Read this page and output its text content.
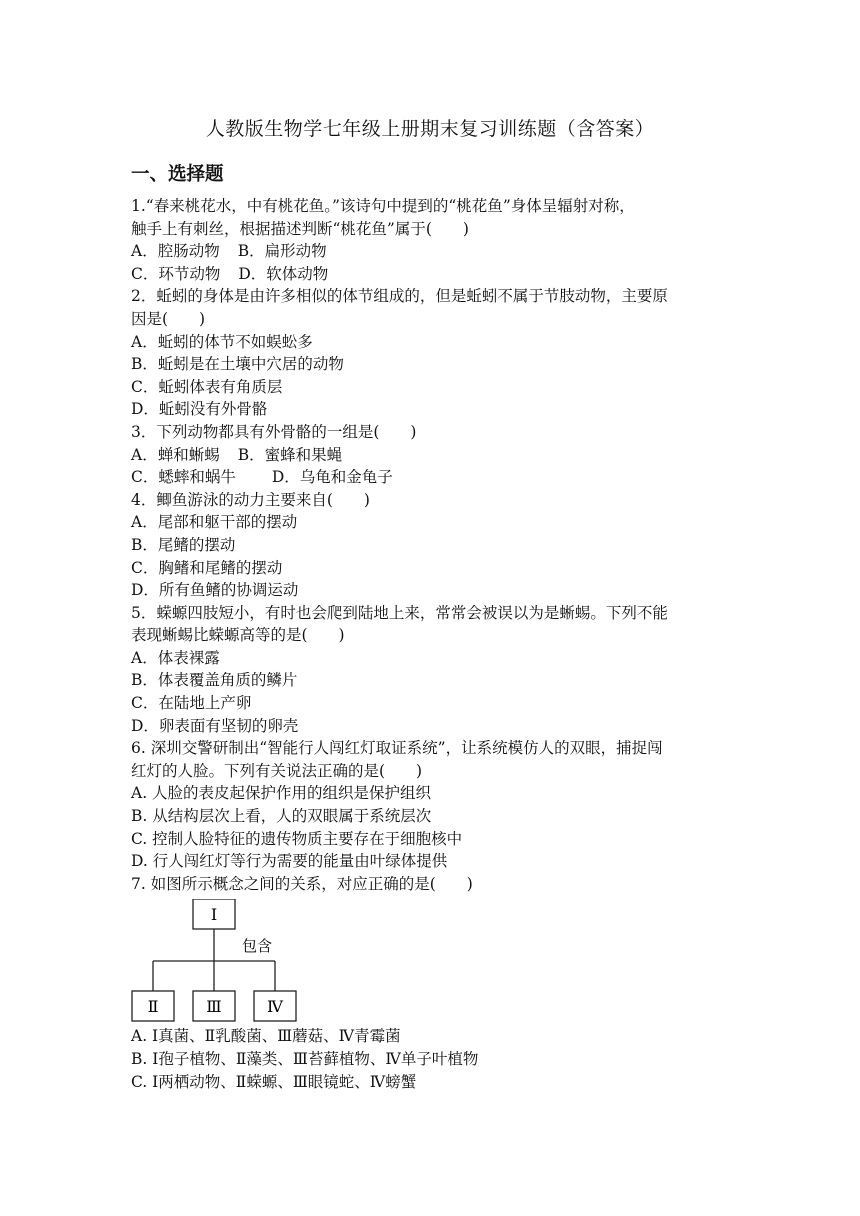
人教版生物学七年级上册期末复习训练题（含答案）
一、选择题
1.“春来桃花水，中有桃花鱼。”该诗句中提到的“桃花鱼”身体呈辐射对称，
触手上有刺丝，根据描述判断“桃花鱼”属于(　　)
A．腔肠动物 B．扁形动物
C．环节动物 D．软体动物
2．蚯蚓的身体是由许多相似的体节组成的，但是蚯蚓不属于节肢动物，主要原
因是(　　)
A．蚯蚓的体节不如蜈蚣多
B．蚯蚓是在土壤中穴居的动物
C．蚯蚓体表有角质层
D．蚯蚓没有外骨骼
3．下列动物都具有外骨骼的一组是(　　)
A．蝉和蜥蜴 B．蜜蜂和果蝇
C．蟋蟀和蜗牛 D．乌龟和金龟子
4．鲫鱼游泳的动力主要来自(　　)
A．尾部和躯干部的摆动
B．尾鳍的摆动
C．胸鳍和尾鳍的摆动
D．所有鱼鳍的协调运动
5．蝾螈四肢短小，有时也会爬到陆地上来，常常会被误以为是蜥蜴。下列不能
表现蜥蜴比蝾螈高等的是(　　)
A．体表裸露
B．体表覆盖角质的鳞片
C．在陆地上产卵
D．卵表面有坚韧的卵壳
6. 深圳交警研制出“智能行人闯红灯取证系统”，让系统模仿人的双眼，捕捉闯
红灯的人脸。下列有关说法正确的是(　　)
A. 人脸的表皮起保护作用的组织是保护组织
B. 从结构层次上看，人的双眼属于系统层次
C. 控制人脸特征的遗传物质主要存在于细胞核中
D. 行人闯红灯等行为需要的能量由叶绿体提供
7. 如图所示概念之间的关系，对应正确的是(　　)
Ⅰ
包含
Ⅱ	Ⅲ	Ⅳ
A. Ⅰ真菌、Ⅱ乳酸菌、Ⅲ蘑菇、Ⅳ青霉菌
B. Ⅰ孢子植物、Ⅱ藻类、Ⅲ苔藓植物、Ⅳ单子叶植物
C. Ⅰ两栖动物、Ⅱ蝾螈、Ⅲ眼镜蛇、Ⅳ螃蟹
